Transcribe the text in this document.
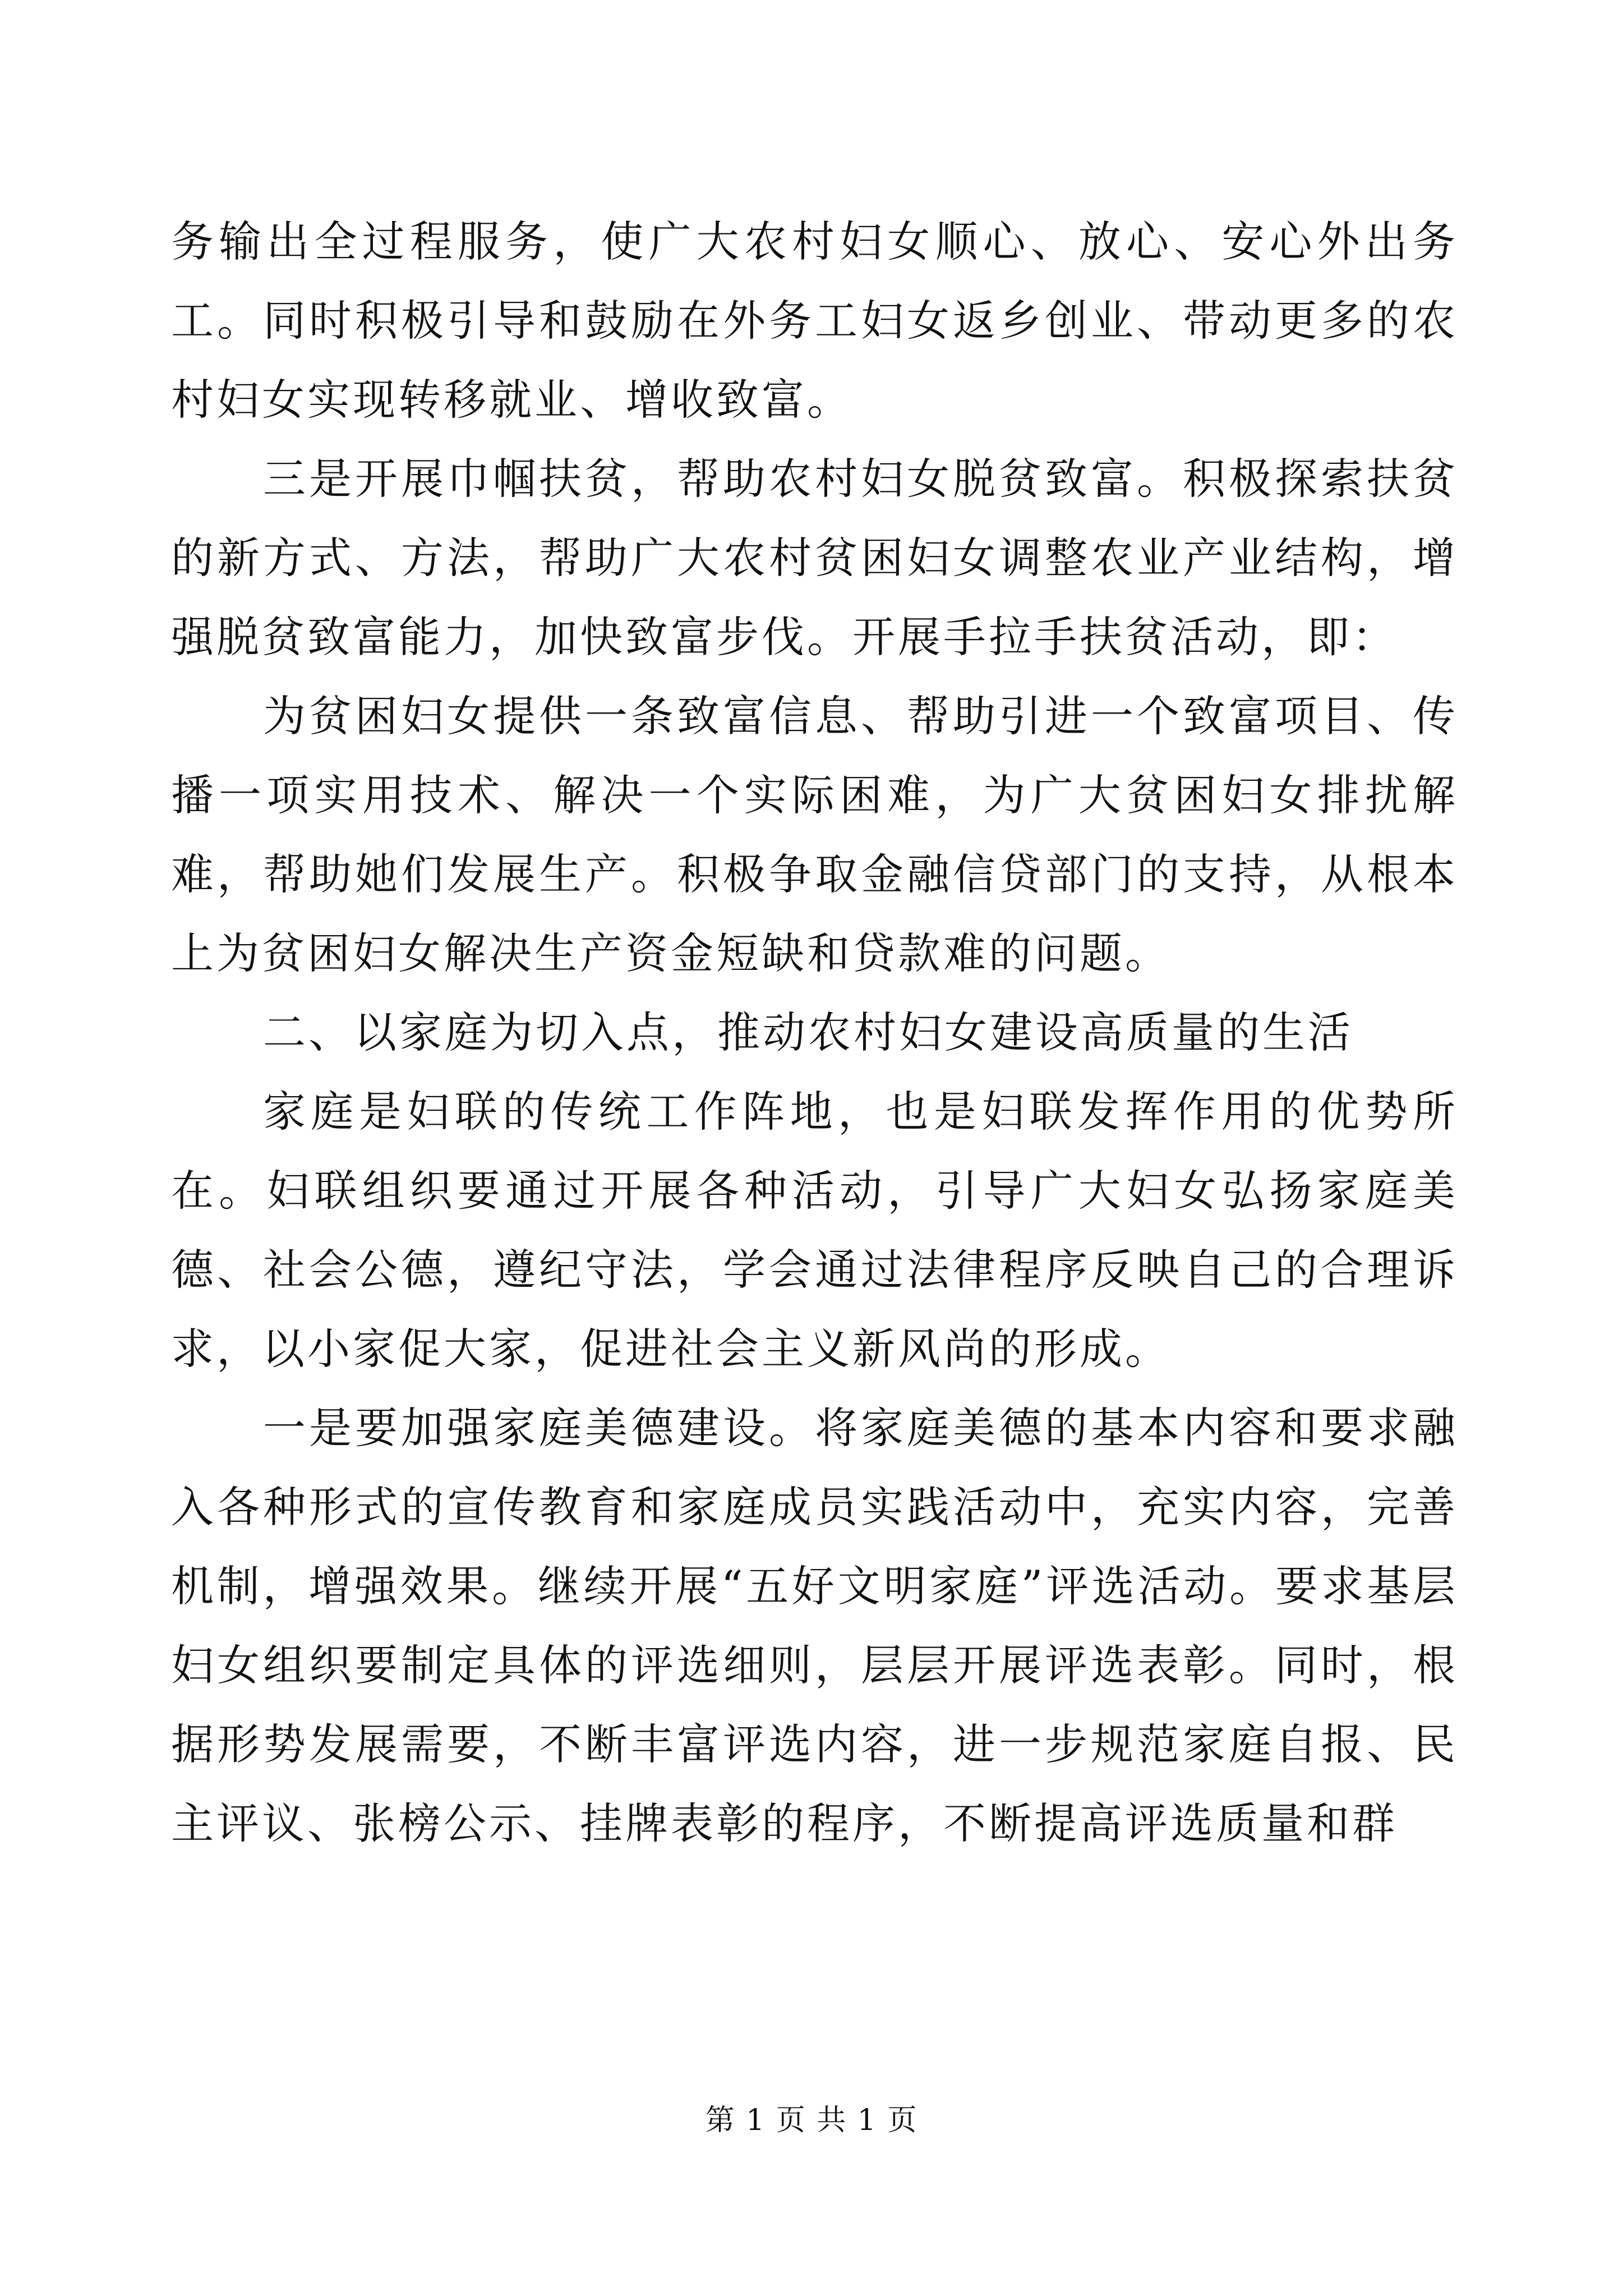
务输出全过程服务，使广大农村妇女顺心、放心、安心外出务工。同时积极引导和鼓励在外务工妇女返乡创业、带动更多的农村妇女实现转移就业、增收致富。

三是开展巾帼扶贫，帮助农村妇女脱贫致富。积极探索扶贫的新方式、方法，帮助广大农村贫困妇女调整农业产业结构，增强脱贫致富能力，加快致富步伐。开展手拉手扶贫活动，即：

为贫困妇女提供一条致富信息、帮助引进一个致富项目、传播一项实用技术、解决一个实际困难，为广大贫困妇女排扰解难，帮助她们发展生产。积极争取金融信贷部门的支持，从根本上为贫困妇女解决生产资金短缺和贷款难的问题。

二、以家庭为切入点，推动农村妇女建设高质量的生活

家庭是妇联的传统工作阵地，也是妇联发挥作用的优势所在。妇联组织要通过开展各种活动，引导广大妇女弘扬家庭美德、社会公德，遵纪守法，学会通过法律程序反映自己的合理诉求，以小家促大家，促进社会主义新风尚的形成。

一是要加强家庭美德建设。将家庭美德的基本内容和要求融入各种形式的宣传教育和家庭成员实践活动中，充实内容，完善机制，增强效果。继续开展“五好文明家庭”评选活动。要求基层妇女组织要制定具体的评选细则，层层开展评选表彰。同时，根据形势发展需要，不断丰富评选内容，进一步规范家庭自报、民主评议、张榜公示、挂牌表彰的程序，不断提高评选质量和群

第 1 页 共 1 页
